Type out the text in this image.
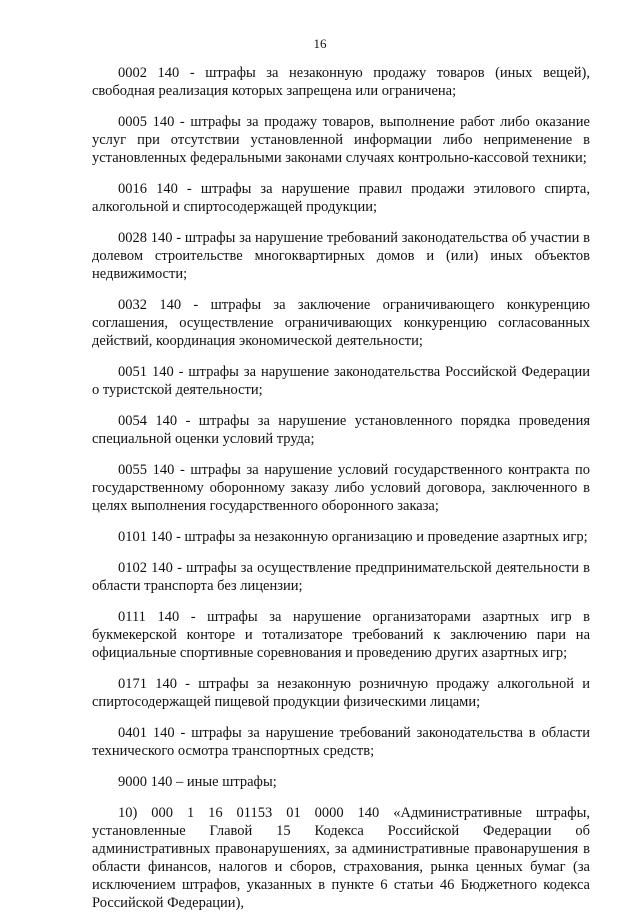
16

0002 140 - штрафы за незаконную продажу товаров (иных вещей), свободная реализация которых запрещена или ограничена;

0005 140 - штрафы за продажу товаров, выполнение работ либо оказание услуг при отсутствии установленной информации либо неприменение в установленных федеральными законами случаях контрольно-кассовой техники;

0016 140 - штрафы за нарушение правил продажи этилового спирта, алкогольной и спиртосодержащей продукции;

0028 140 - штрафы за нарушение требований законодательства об участии в долевом строительстве многоквартирных домов и (или) иных объектов недвижимости;

0032 140 - штрафы за заключение ограничивающего конкуренцию соглашения, осуществление ограничивающих конкуренцию согласованных действий, координация экономической деятельности;

0051 140 - штрафы за нарушение законодательства Российской Федерации о туристской деятельности;

0054 140 - штрафы за нарушение установленного порядка проведения специальной оценки условий труда;

0055 140 - штрафы за нарушение условий государственного контракта по государственному оборонному заказу либо условий договора, заключенного в целях выполнения государственного оборонного заказа;

0101 140 - штрафы за незаконную организацию и проведение азартных игр;

0102 140 - штрафы за осуществление предпринимательской деятельности в области транспорта без лицензии;

0111 140 - штрафы за нарушение организаторами азартных игр в букмекерской конторе и тотализаторе требований к заключению пари на официальные спортивные соревнования и проведению других азартных игр;

0171 140 - штрафы за незаконную розничную продажу алкогольной и спиртосодержащей пищевой продукции физическими лицами;

0401 140 - штрафы за нарушение требований законодательства в области технического осмотра транспортных средств;

9000 140 – иные штрафы;

10) 000 1 16 01153 01 0000 140 «Административные штрафы, установленные Главой 15 Кодекса Российской Федерации об административных правонарушениях, за административные правонарушения в области финансов, налогов и сборов, страхования, рынка ценных бумаг (за исключением штрафов, указанных в пункте 6 статьи 46 Бюджетного кодекса Российской Федерации),
